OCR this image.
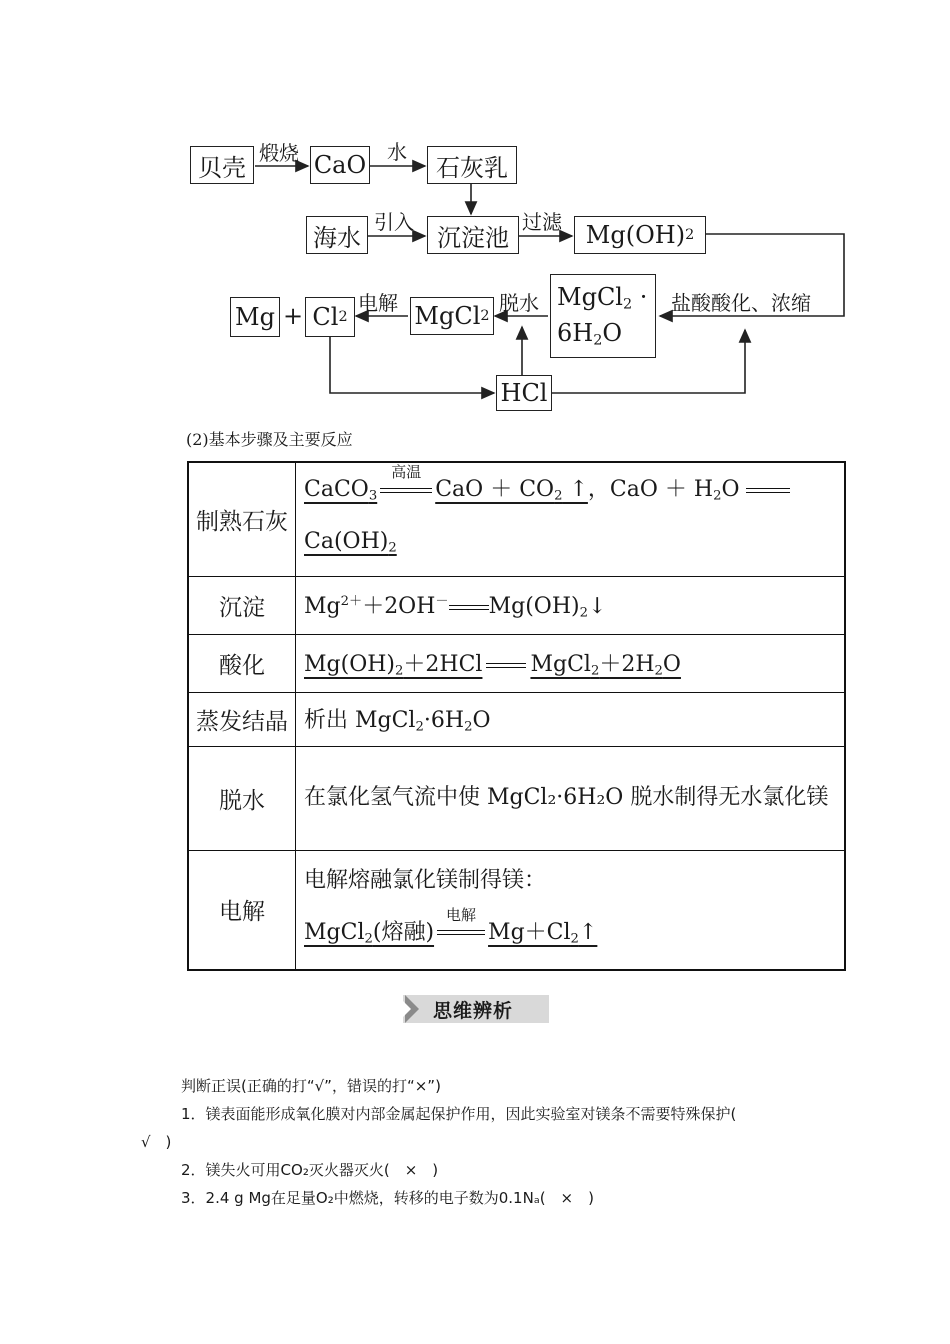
贝壳	CaO	石灰乳
海水	沉淀池	Mg(OH) 2
MgCl$_2$ ·
$6H_2O$
MgCl 2
Cl 2
Mg +
HCl
煅烧	水
引入	过滤
电解	脱水	盐酸酸化、浓缩
(2)基本步骤及主要反应
制熟石灰	CaCO$_3$
高温
CaO ＋ $CO_2$ ↑，CaO ＋ $H_2O$
$Ca(OH)_2$
沉淀	$Mg^{2+}+2OH^-$ $Mg(OH)_2↓$
酸化	$Mg(OH)_2+2HCl$ $MgCl_2+2H_2O$
蒸发结晶	析出 $MgCl_2\cdot 6H_2O$
脱水	在氯化氢气流中使 MgCl₂·6H₂O 脱水制得无水氯化镁
电解	电解熔融氯化镁制得镁：
MgCl$_2$(熔融)
电解
$Mg+Cl_2↑$
思维辨析
判断正误(正确的打“√”，错误的打“×”)
1．镁表面能形成氧化膜对内部金属起保护作用，因此实验室对镁条不需要特殊保护(
√　)
2．镁失火可用CO₂灭火器灭火(　×　)
3．2.4 g Mg在足量O₂中燃烧，转移的电子数为0.1Nₐ(　×　)
